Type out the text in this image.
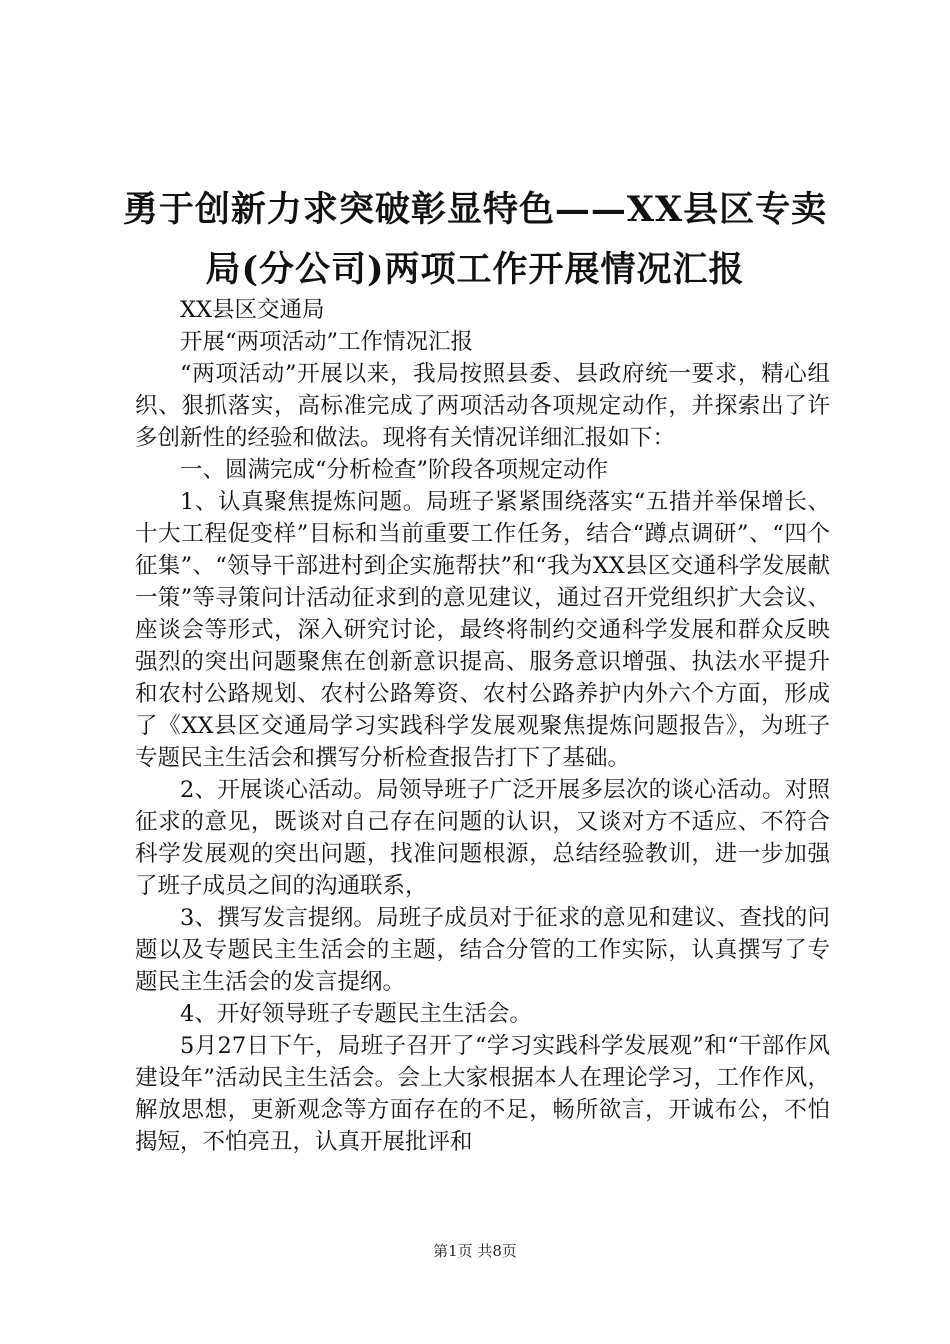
勇于创新力求突破彰显特色——XX县区专卖
局(分公司)两项工作开展情况汇报

XX县区交通局

开展“两项活动”工作情况汇报

“两项活动”开展以来，我局按照县委、县政府统一要求，精心组织、狠抓落实，高标准完成了两项活动各项规定动作，并探索出了许多创新性的经验和做法。现将有关情况详细汇报如下：

一、圆满完成“分析检查”阶段各项规定动作

1、认真聚焦提炼问题。局班子紧紧围绕落实“五措并举保增长、十大工程促变样”目标和当前重要工作任务，结合“蹲点调研”、“四个征集”、“领导干部进村到企实施帮扶”和“我为XX县区交通科学发展献一策”等寻策问计活动征求到的意见建议，通过召开党组织扩大会议、座谈会等形式，深入研究讨论，最终将制约交通科学发展和群众反映强烈的突出问题聚焦在创新意识提高、服务意识增强、执法水平提升和农村公路规划、农村公路筹资、农村公路养护内外六个方面，形成了《XX县区交通局学习实践科学发展观聚焦提炼问题报告》，为班子专题民主生活会和撰写分析检查报告打下了基础。

2、开展谈心活动。局领导班子广泛开展多层次的谈心活动。对照征求的意见，既谈对自己存在问题的认识，又谈对方不适应、不符合科学发展观的突出问题，找准问题根源，总结经验教训，进一步加强了班子成员之间的沟通联系，

3、撰写发言提纲。局班子成员对于征求的意见和建议、查找的问题以及专题民主生活会的主题，结合分管的工作实际，认真撰写了专题民主生活会的发言提纲。

4、开好领导班子专题民主生活会。

5月27日下午，局班子召开了“学习实践科学发展观”和“干部作风建设年”活动民主生活会。会上大家根据本人在理论学习，工作作风，解放思想，更新观念等方面存在的不足，畅所欲言，开诚布公，不怕揭短，不怕亮丑，认真开展批评和

第1页 共8页
